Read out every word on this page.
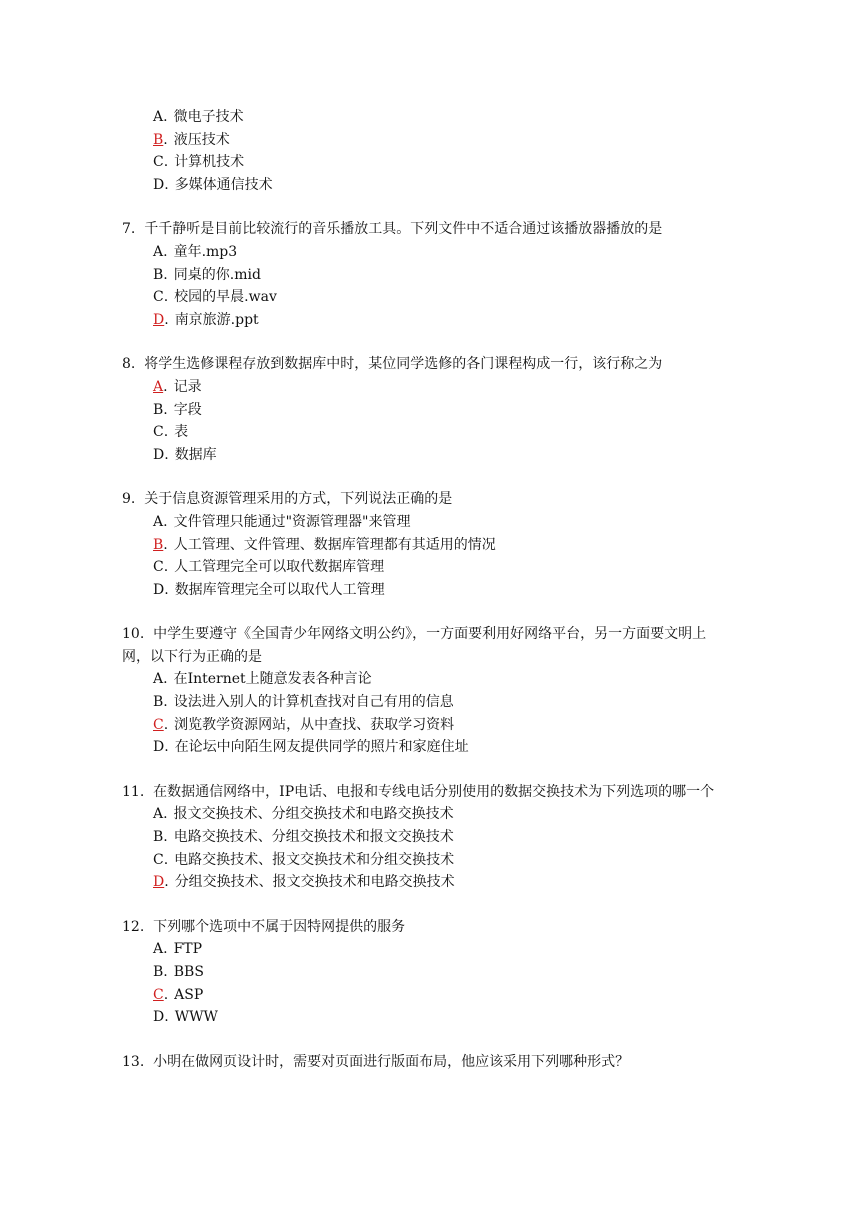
A. 微电子技术
B. 液压技术
C. 计算机技术
D. 多媒体通信技术
7. 千千静听是目前比较流行的音乐播放工具。下列文件中不适合通过该播放器播放的是
A. 童年.mp3
B. 同桌的你.mid
C. 校园的早晨.wav
D. 南京旅游.ppt
8. 将学生选修课程存放到数据库中时，某位同学选修的各门课程构成一行，该行称之为
A. 记录
B. 字段
C. 表
D. 数据库
9. 关于信息资源管理采用的方式，下列说法正确的是
A. 文件管理只能通过"资源管理器"来管理
B. 人工管理、文件管理、数据库管理都有其适用的情况
C. 人工管理完全可以取代数据库管理
D. 数据库管理完全可以取代人工管理
10. 中学生要遵守《全国青少年网络文明公约》，一方面要利用好网络平台，另一方面要文明上网，以下行为正确的是
A. 在Internet上随意发表各种言论
B. 设法进入别人的计算机查找对自己有用的信息
C. 浏览教学资源网站，从中查找、获取学习资料
D. 在论坛中向陌生网友提供同学的照片和家庭住址
11. 在数据通信网络中，IP电话、电报和专线电话分别使用的数据交换技术为下列选项的哪一个
A. 报文交换技术、分组交换技术和电路交换技术
B. 电路交换技术、分组交换技术和报文交换技术
C. 电路交换技术、报文交换技术和分组交换技术
D. 分组交换技术、报文交换技术和电路交换技术
12. 下列哪个选项中不属于因特网提供的服务
A. FTP
B. BBS
C. ASP
D. WWW
13. 小明在做网页设计时，需要对页面进行版面布局，他应该采用下列哪种形式？
